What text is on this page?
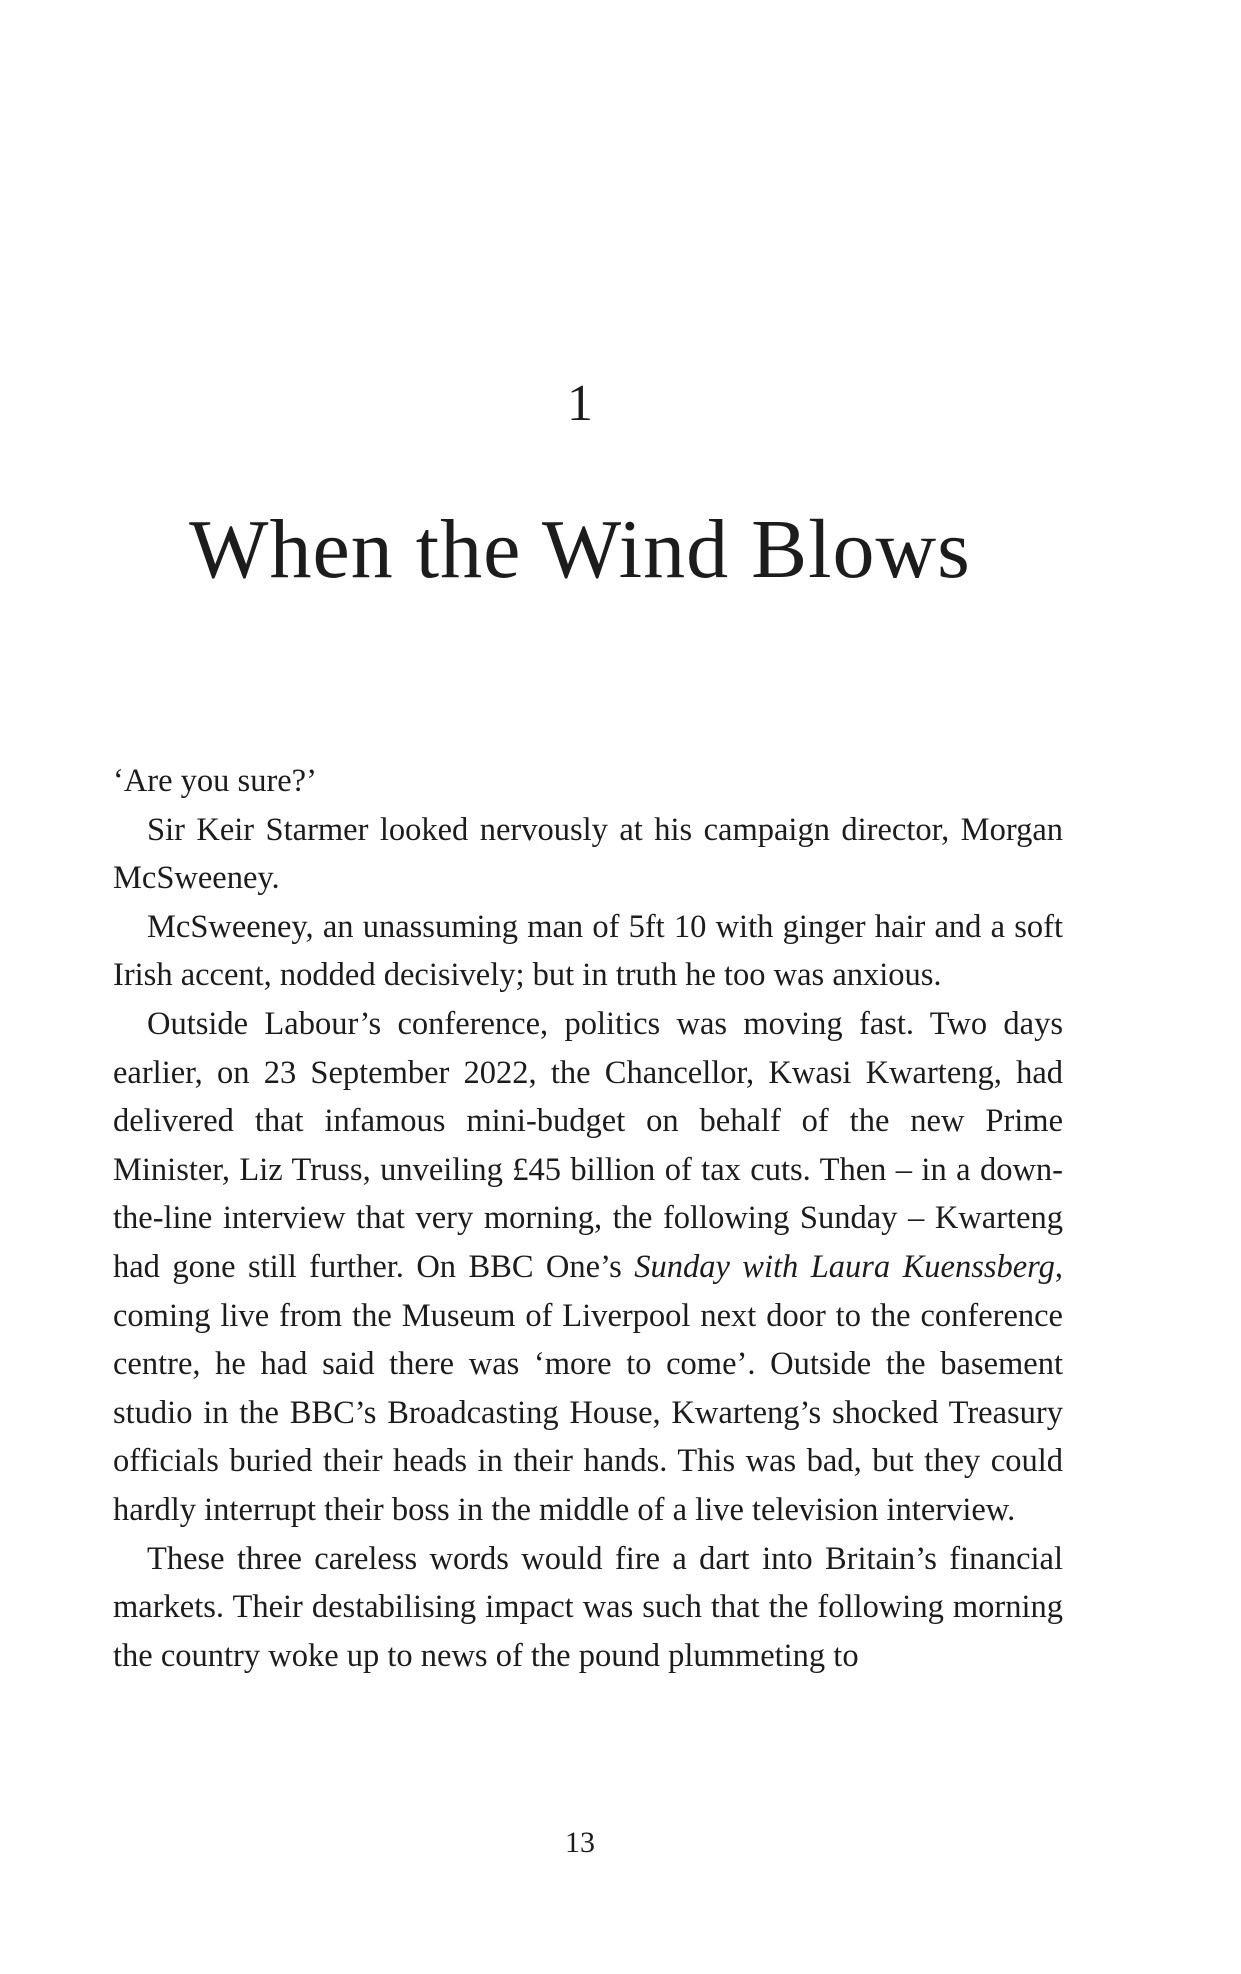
1
When the Wind Blows

‘Are you sure?’

Sir Keir Starmer looked nervously at his campaign director, Morgan McSweeney.

McSweeney, an unassuming man of 5ft 10 with ginger hair and a soft Irish accent, nodded decisively; but in truth he too was anxious.

Outside Labour’s conference, politics was moving fast. Two days earlier, on 23 September 2022, the Chancellor, Kwasi Kwarteng, had delivered that infamous mini-budget on behalf of the new Prime Minister, Liz Truss, unveiling £45 billion of tax cuts. Then – in a down-the-line interview that very morning, the following Sunday – Kwarteng had gone still further. On BBC One’s Sunday with Laura Kuenssberg, coming live from the Museum of Liverpool next door to the conference centre, he had said there was ‘more to come’. Outside the basement studio in the BBC’s Broadcasting House, Kwarteng’s shocked Treasury officials buried their heads in their hands. This was bad, but they could hardly interrupt their boss in the middle of a live television interview.

These three careless words would fire a dart into Britain’s financial markets. Their destabilising impact was such that the following morning the country woke up to news of the pound plummeting to

13
